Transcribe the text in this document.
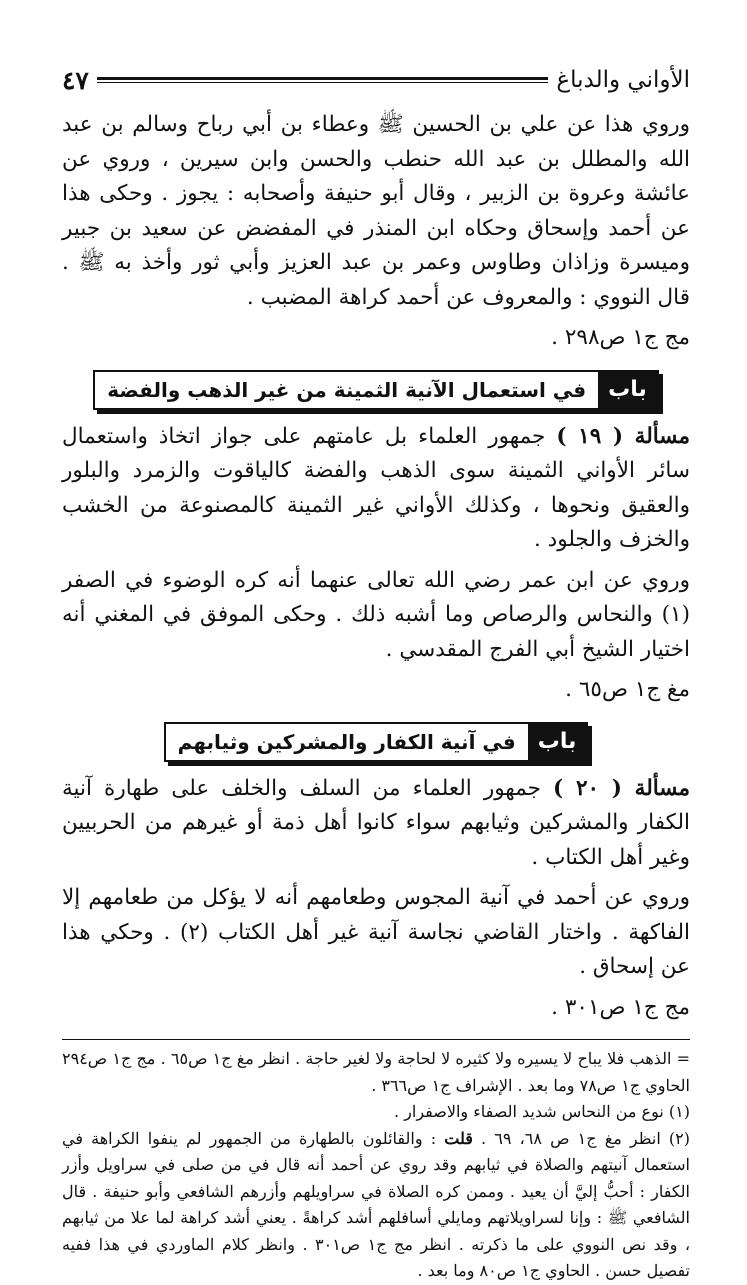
الأواني والدباغ
٤٧

وروي هذا عن علي بن الحسين ﷺ وعطاء بن أبي رباح وسالم بن عبد الله والمطلل بن عبد الله حنطب والحسن وابن سيرين ، وروي عن عائشة وعروة بن الزبير ، وقال أبو حنيفة وأصحابه : يجوز . وحكى هذا عن أحمد وإسحاق وحكاه ابن المنذر في المفضض عن سعيد بن جبير وميسرة وزاذان وطاوس وعمر بن عبد العزيز وأبي ثور وأخذ به ﷺ . قال النووي : والمعروف عن أحمد كراهة المضبب .

مج ج١ ص٢٩٨ .

باب
في استعمال الآنية الثمينة من غير الذهب والفضة

مسألة ( ١٩ ) جمهور العلماء بل عامتهم على جواز اتخاذ واستعمال سائر الأواني الثمينة سوى الذهب والفضة كالياقوت والزمرد والبلور والعقيق ونحوها ، وكذلك الأواني غير الثمينة كالمصنوعة من الخشب والخزف والجلود .

وروي عن ابن عمر رضي الله تعالى عنهما أنه كره الوضوء في الصفر (١) والنحاس والرصاص وما أشبه ذلك . وحكى الموفق في المغني أنه اختيار الشيخ أبي الفرج المقدسي .

مغ ج١ ص٦٥ .

باب
في آنية الكفار والمشركين وثيابهم

مسألة ( ٢٠ ) جمهور العلماء من السلف والخلف على طهارة آنية الكفار والمشركين وثيابهم سواء كانوا أهل ذمة أو غيرهم من الحربيين وغير أهل الكتاب .

وروي عن أحمد في آنية المجوس وطعامهم أنه لا يؤكل من طعامهم إلا الفاكهة . واختار القاضي نجاسة آنية غير أهل الكتاب (٢) . وحكي هذا عن إسحاق .

مج ج١ ص٣٠١ .

= الذهب فلا يباح لا يسيره ولا كثيره لا لحاجة ولا لغير حاجة . انظر مغ ج١ ص٦٥ . مج ج١ ص٢٩٤ الحاوي ج١ ص٧٨ وما بعد . الإشراف ج١ ص٣٦٦ .

(١) نوع من النحاس شديد الصفاء والاصفرار .

(٢) انظر مغ ج١ ص ٦٨، ٦٩ . قلت : والقائلون بالطهارة من الجمهور لم ينفوا الكراهة في استعمال آنيتهم والصلاة في ثيابهم وقد روي عن أحمد أنه قال في من صلى في سراويل وأزر الكفار : أحبُّ إليَّ أن يعيد . وممن كره الصلاة في سراويلهم وأزرهم الشافعي وأبو حنيفة . قال الشافعي ﷺ : وإنا لسراويلاتهم ومايلي أسافلهم أشد كراهةً . يعني أشد كراهة لما علا من ثيابهم ، وقد نص النووي على ما ذكرته . انظر مج ج١ ص٣٠١ . وانظر كلام الماوردي في هذا ففيه تفصيل حسن . الحاوي ج١ ص٨٠ وما بعد .
